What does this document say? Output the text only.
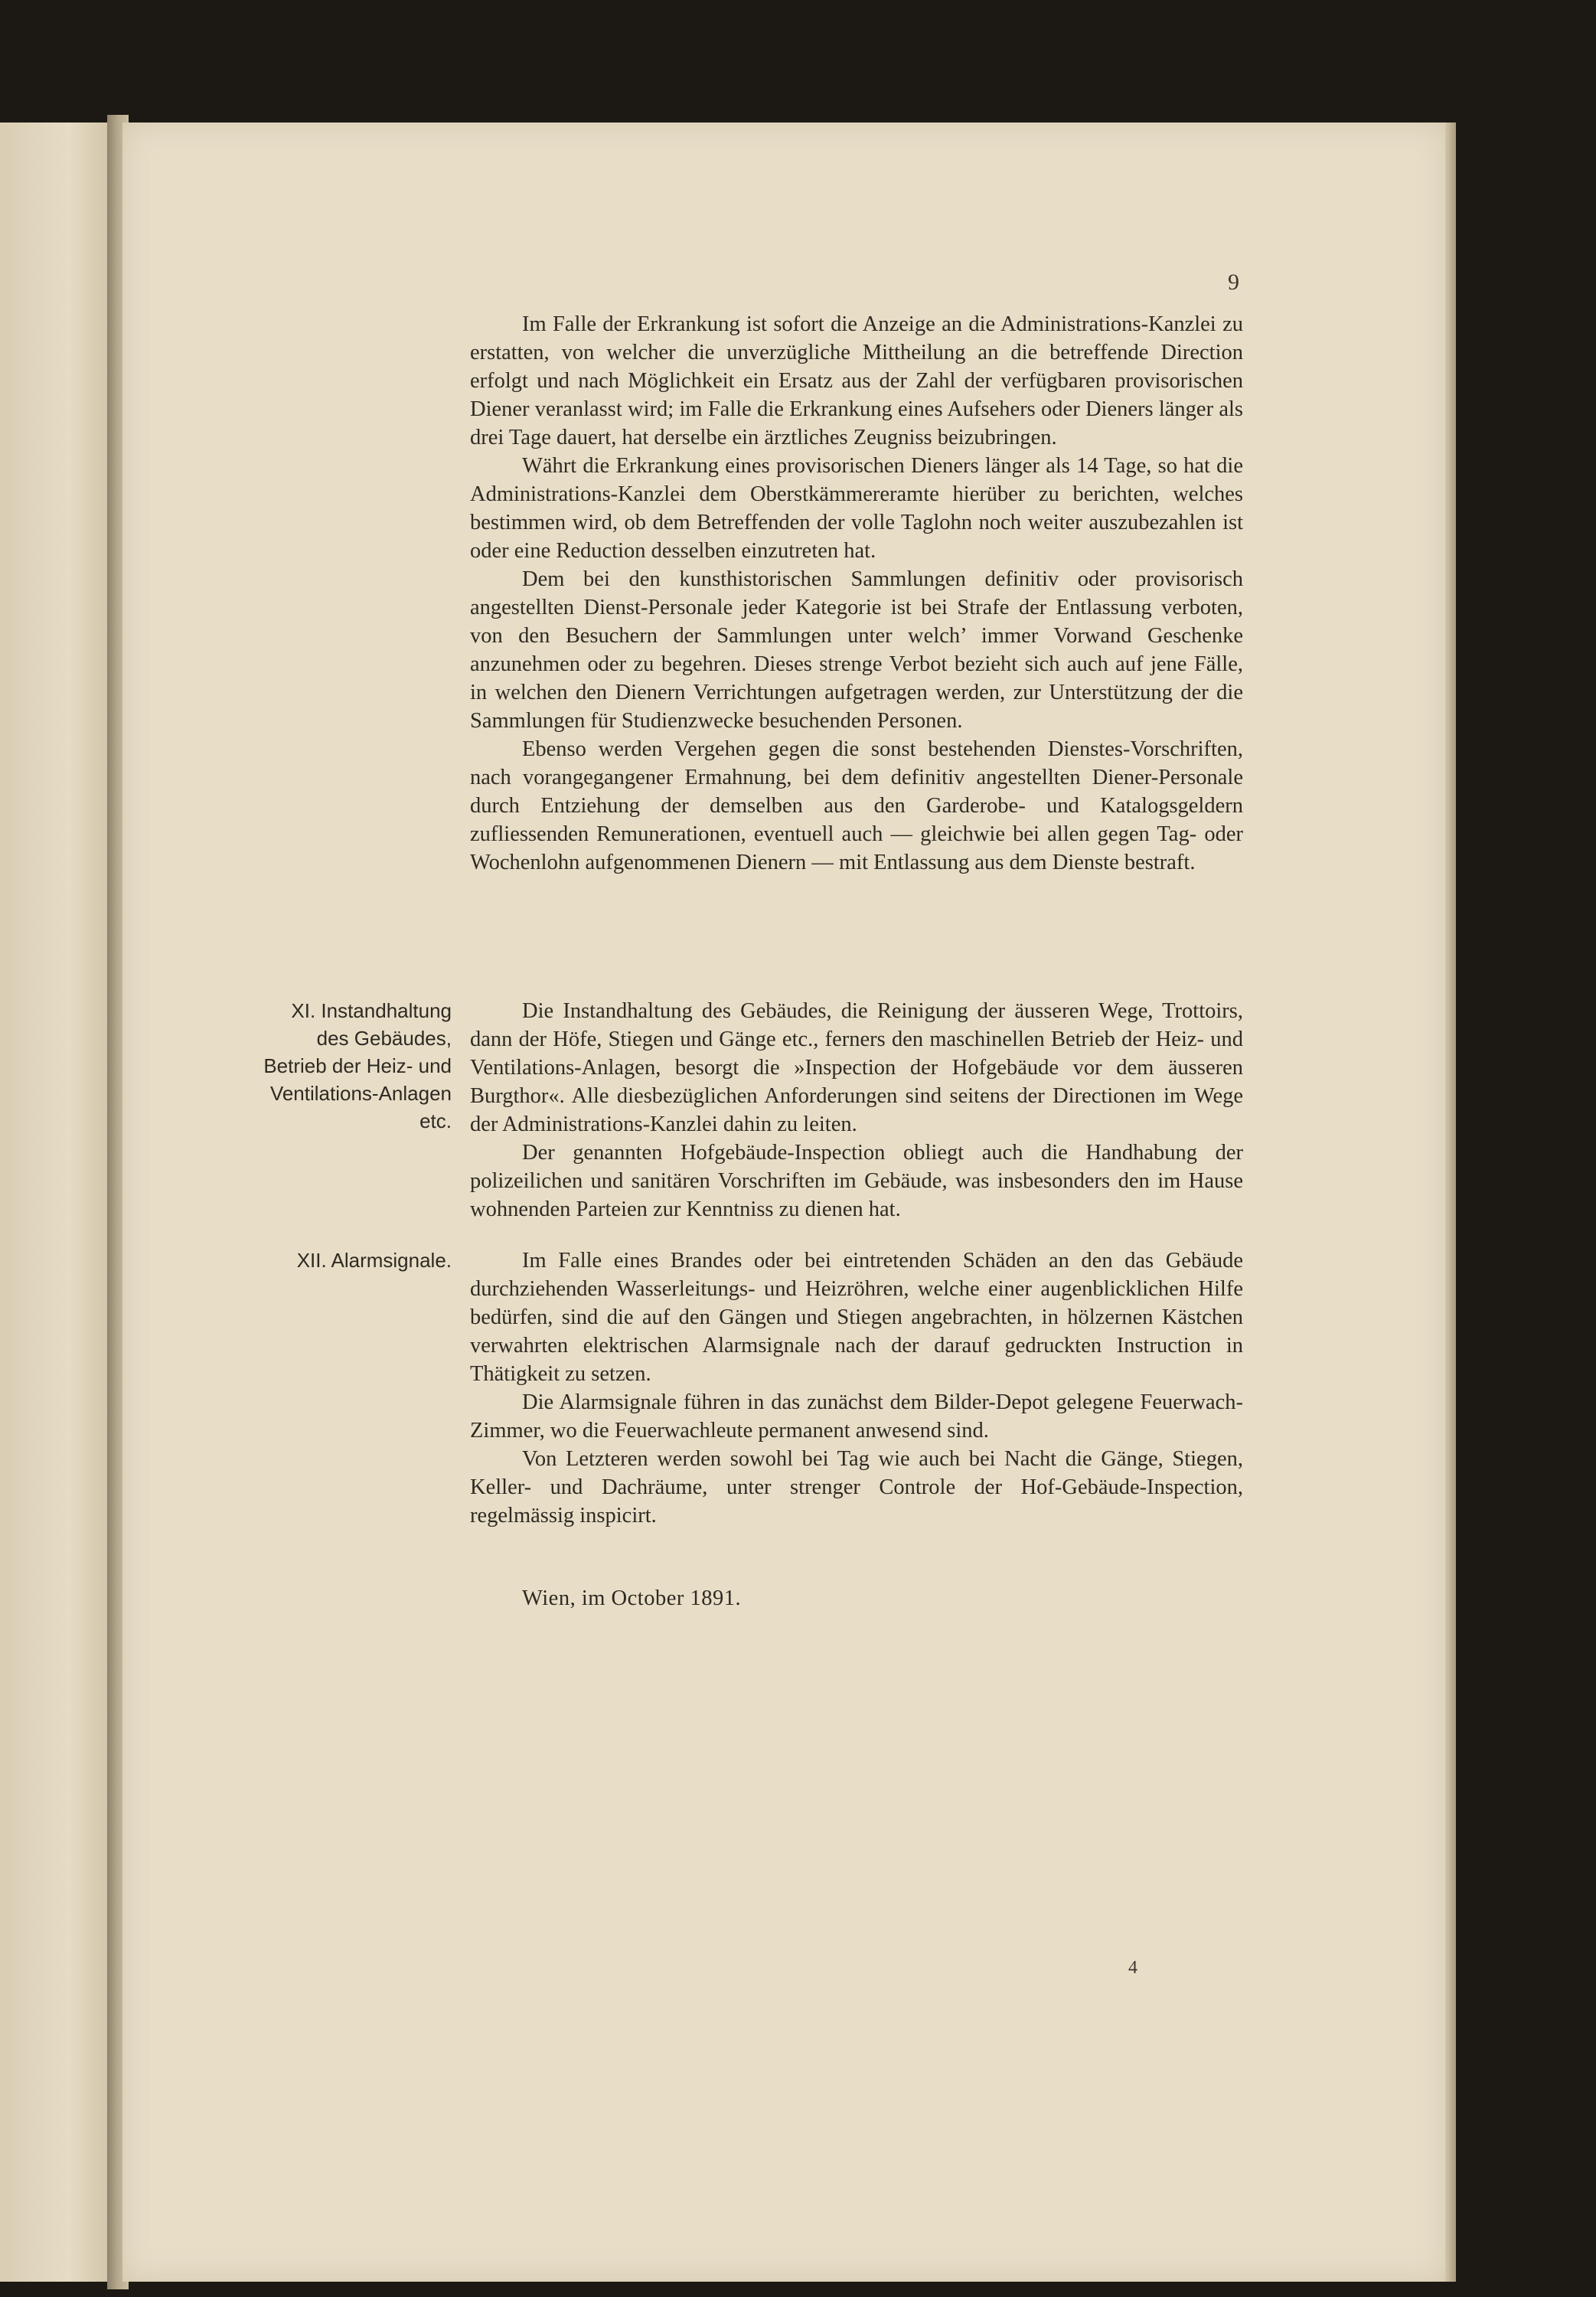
9

Im Falle der Erkrankung ist sofort die Anzeige an die Administrations-Kanzlei zu erstatten, von welcher die unverzügliche Mittheilung an die betreffende Direction erfolgt und nach Möglichkeit ein Ersatz aus der Zahl der verfügbaren provisorischen Diener veranlasst wird; im Falle die Erkrankung eines Aufsehers oder Dieners länger als drei Tage dauert, hat derselbe ein ärztliches Zeugniss beizubringen.

Währt die Erkrankung eines provisorischen Dieners länger als 14 Tage, so hat die Administrations-Kanzlei dem Oberstkämmereramte hierüber zu berichten, welches bestimmen wird, ob dem Betreffenden der volle Taglohn noch weiter auszubezahlen ist oder eine Reduction desselben einzutreten hat.

Dem bei den kunsthistorischen Sammlungen definitiv oder provisorisch angestellten Dienst-Personale jeder Kategorie ist bei Strafe der Entlassung verboten, von den Besuchern der Sammlungen unter welch’ immer Vorwand Geschenke anzunehmen oder zu begehren. Dieses strenge Verbot bezieht sich auch auf jene Fälle, in welchen den Dienern Verrichtungen aufgetragen werden, zur Unterstützung der die Sammlungen für Studienzwecke besuchenden Personen.

Ebenso werden Vergehen gegen die sonst bestehenden Dienstes-Vorschriften, nach vorangegangener Ermahnung, bei dem definitiv angestellten Diener-Personale durch Entziehung der demselben aus den Garderobe- und Katalogsgeldern zufliessenden Remunerationen, eventuell auch — gleichwie bei allen gegen Tag- oder Wochenlohn aufgenommenen Dienern — mit Entlassung aus dem Dienste bestraft.

XI. Instandhaltung des Gebäudes, Betrieb der Heiz- und Ventilations-Anlagen etc.

Die Instandhaltung des Gebäudes, die Reinigung der äusseren Wege, Trottoirs, dann der Höfe, Stiegen und Gänge etc., ferners den maschinellen Betrieb der Heiz- und Ventilations-Anlagen, besorgt die »Inspection der Hofgebäude vor dem äusseren Burgthor«. Alle diesbezüglichen Anforderungen sind seitens der Directionen im Wege der Administrations-Kanzlei dahin zu leiten.

Der genannten Hofgebäude-Inspection obliegt auch die Handhabung der polizeilichen und sanitären Vorschriften im Gebäude, was insbesonders den im Hause wohnenden Parteien zur Kenntniss zu dienen hat.

XII. Alarmsignale.	Im Falle eines Brandes oder bei eintretenden Schäden an den das Gebäude durchziehenden Wasserleitungs- und Heizröhren, welche einer augenblicklichen Hilfe bedürfen, sind die auf den Gängen und Stiegen angebrachten, in hölzernen Kästchen verwahrten elektrischen Alarmsignale nach der darauf gedruckten Instruction in Thätigkeit zu setzen.

Die Alarmsignale führen in das zunächst dem Bilder-Depot gelegene Feuerwach-Zimmer, wo die Feuerwachleute permanent anwesend sind.

Von Letzteren werden sowohl bei Tag wie auch bei Nacht die Gänge, Stiegen, Keller- und Dachräume, unter strenger Controle der Hof-Gebäude-Inspection, regelmässig inspicirt.

Wien, im October 1891.
4
